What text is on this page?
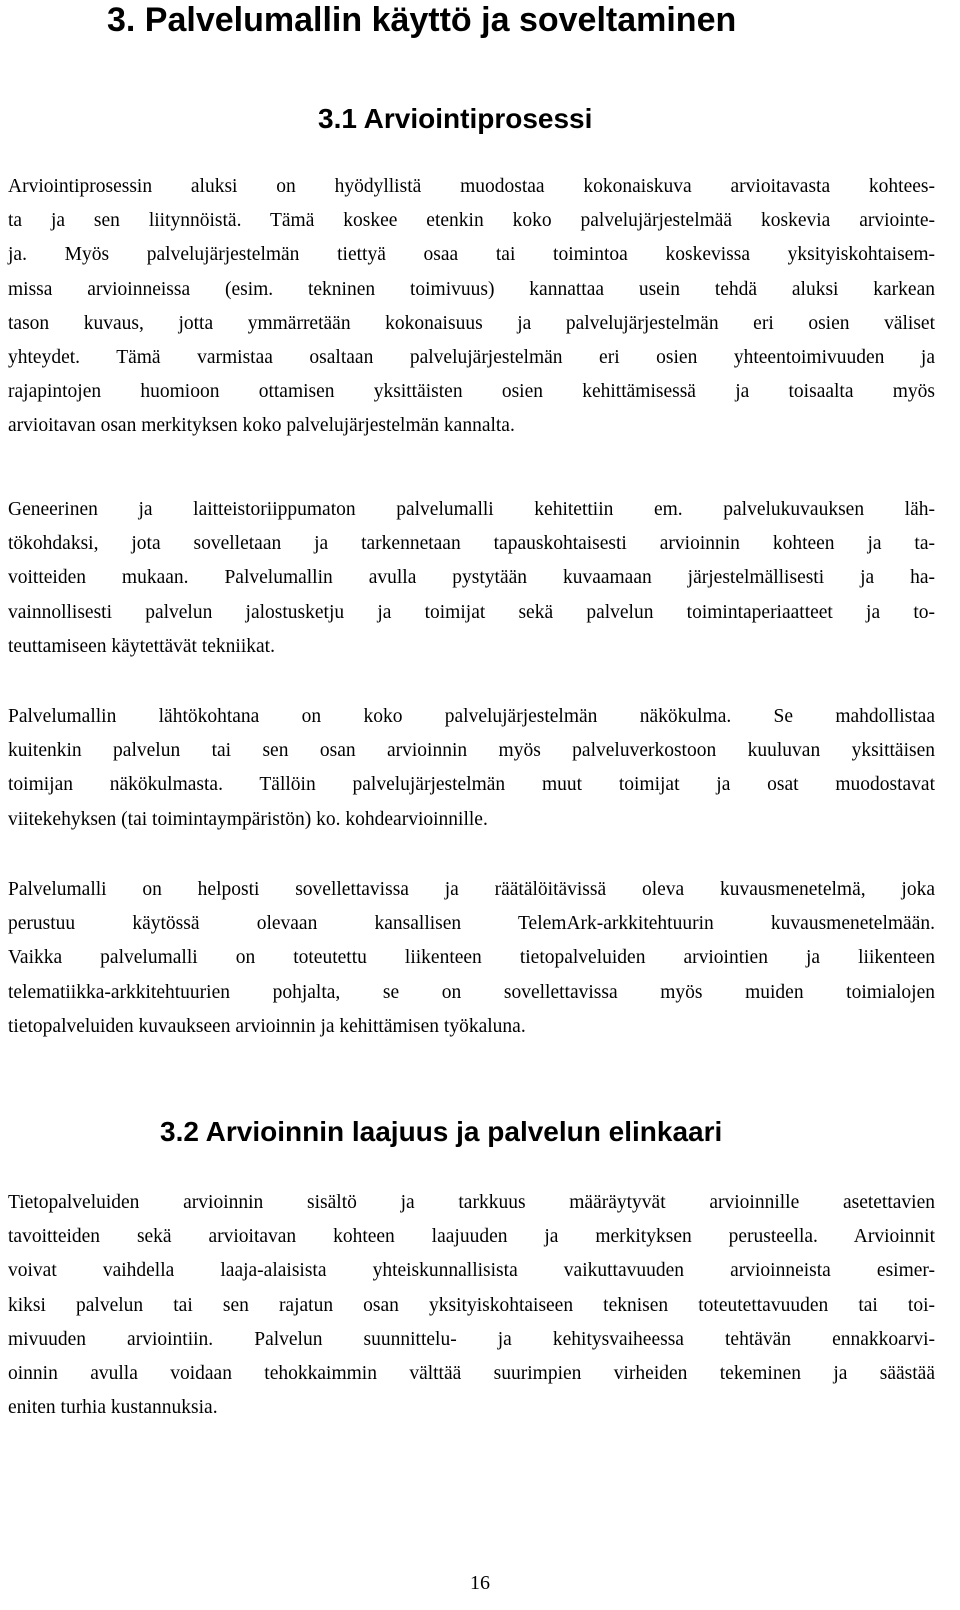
3. Palvelumallin käyttö ja soveltaminen
3.1 Arviointiprosessi
Arviointiprosessin aluksi on hyödyllistä muodostaa kokonaiskuva arvioitavasta kohtees-
ta ja sen liitynnöistä. Tämä koskee etenkin koko palvelujärjestelmää koskevia arviointe-
ja. Myös palvelujärjestelmän tiettyä osaa tai toimintoa koskevissa yksityiskohtaisem-
missa arvioinneissa (esim. tekninen toimivuus) kannattaa usein tehdä aluksi karkean
tason kuvaus, jotta ymmärretään kokonaisuus ja palvelujärjestelmän eri osien väliset
yhteydet. Tämä varmistaa osaltaan palvelujärjestelmän eri osien yhteentoimivuuden ja
rajapintojen huomioon ottamisen yksittäisten osien kehittämisessä ja toisaalta myös
arvioitavan osan merkityksen koko palvelujärjestelmän kannalta.
Geneerinen ja laitteistoriippumaton palvelumalli kehitettiin em. palvelukuvauksen läh-
tökohdaksi, jota sovelletaan ja tarkennetaan tapauskohtaisesti arvioinnin kohteen ja ta-
voitteiden mukaan. Palvelumallin avulla pystytään kuvaamaan järjestelmällisesti ja ha-
vainnollisesti palvelun jalostusketju ja toimijat sekä palvelun toimintaperiaatteet ja to-
teuttamiseen käytettävät tekniikat.
Palvelumallin lähtökohtana on koko palvelujärjestelmän näkökulma. Se mahdollistaa
kuitenkin palvelun tai sen osan arvioinnin myös palveluverkostoon kuuluvan yksittäisen
toimijan näkökulmasta. Tällöin palvelujärjestelmän muut toimijat ja osat muodostavat
viitekehyksen (tai toimintaympäristön) ko. kohdearvioinnille.
Palvelumalli on helposti sovellettavissa ja räätälöitävissä oleva kuvausmenetelmä, joka
perustuu käytössä olevaan kansallisen TelemArk-arkkitehtuurin kuvausmenetelmään.
Vaikka palvelumalli on toteutettu liikenteen tietopalveluiden arviointien ja liikenteen
telematiikka-arkkitehtuurien pohjalta, se on sovellettavissa myös muiden toimialojen
tietopalveluiden kuvaukseen arvioinnin ja kehittämisen työkaluna.
3.2 Arvioinnin laajuus ja palvelun elinkaari
Tietopalveluiden arvioinnin sisältö ja tarkkuus määräytyvät arvioinnille asetettavien
tavoitteiden sekä arvioitavan kohteen laajuuden ja merkityksen perusteella. Arvioinnit
voivat vaihdella laaja-alaisista yhteiskunnallisista vaikuttavuuden arvioinneista esimer-
kiksi palvelun tai sen rajatun osan yksityiskohtaiseen teknisen toteutettavuuden tai toi-
mivuuden arviointiin. Palvelun suunnittelu- ja kehitysvaiheessa tehtävän ennakkoarvi-
oinnin avulla voidaan tehokkaimmin välttää suurimpien virheiden tekeminen ja säästää
eniten turhia kustannuksia.
16
